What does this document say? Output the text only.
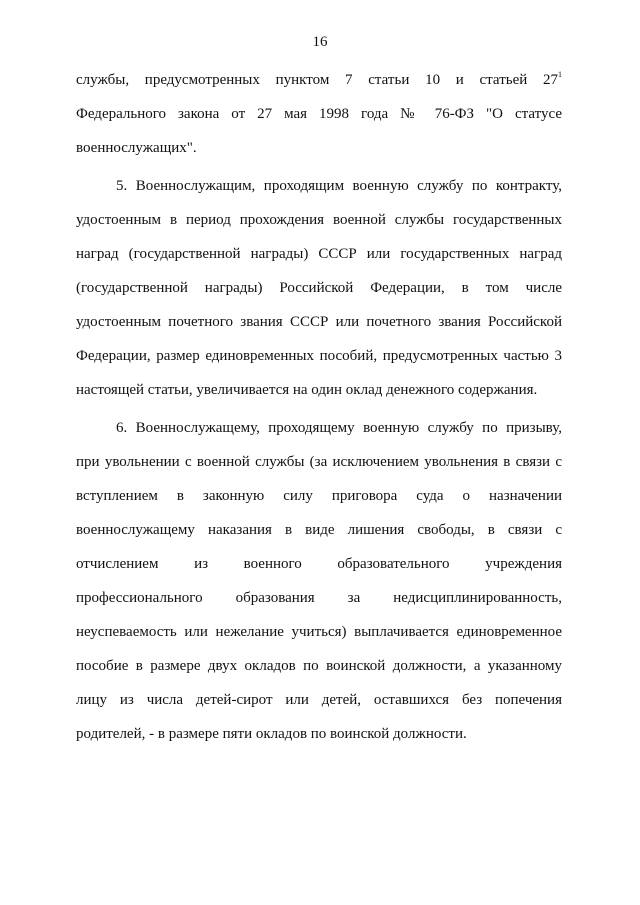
16
службы, предусмотренных пунктом 7 статьи 10 и статьей $27^1$
Федерального закона от 27 мая 1998 года № 76-ФЗ "О статусе
военнослужащих".
5. Военнослужащим, проходящим военную службу по контракту,
удостоенным в период прохождения военной службы государственных
наград (государственной награды) СССР или государственных наград
(государственной награды) Российской Федерации, в том числе
удостоенным почетного звания СССР или почетного звания Российской
Федерации, размер единовременных пособий, предусмотренных частью 3
настоящей статьи, увеличивается на один оклад денежного содержания.
6. Военнослужащему, проходящему военную службу по призыву,
при увольнении с военной службы (за исключением увольнения в связи с
вступлением в законную силу приговора суда о назначении
военнослужащему наказания в виде лишения свободы, в связи с
отчислением из военного образовательного учреждения
профессионального образования за недисциплинированность,
неуспеваемость или нежелание учиться) выплачивается единовременное
пособие в размере двух окладов по воинской должности, а указанному
лицу из числа детей-сирот или детей, оставшихся без попечения
родителей, - в размере пяти окладов по воинской должности.
